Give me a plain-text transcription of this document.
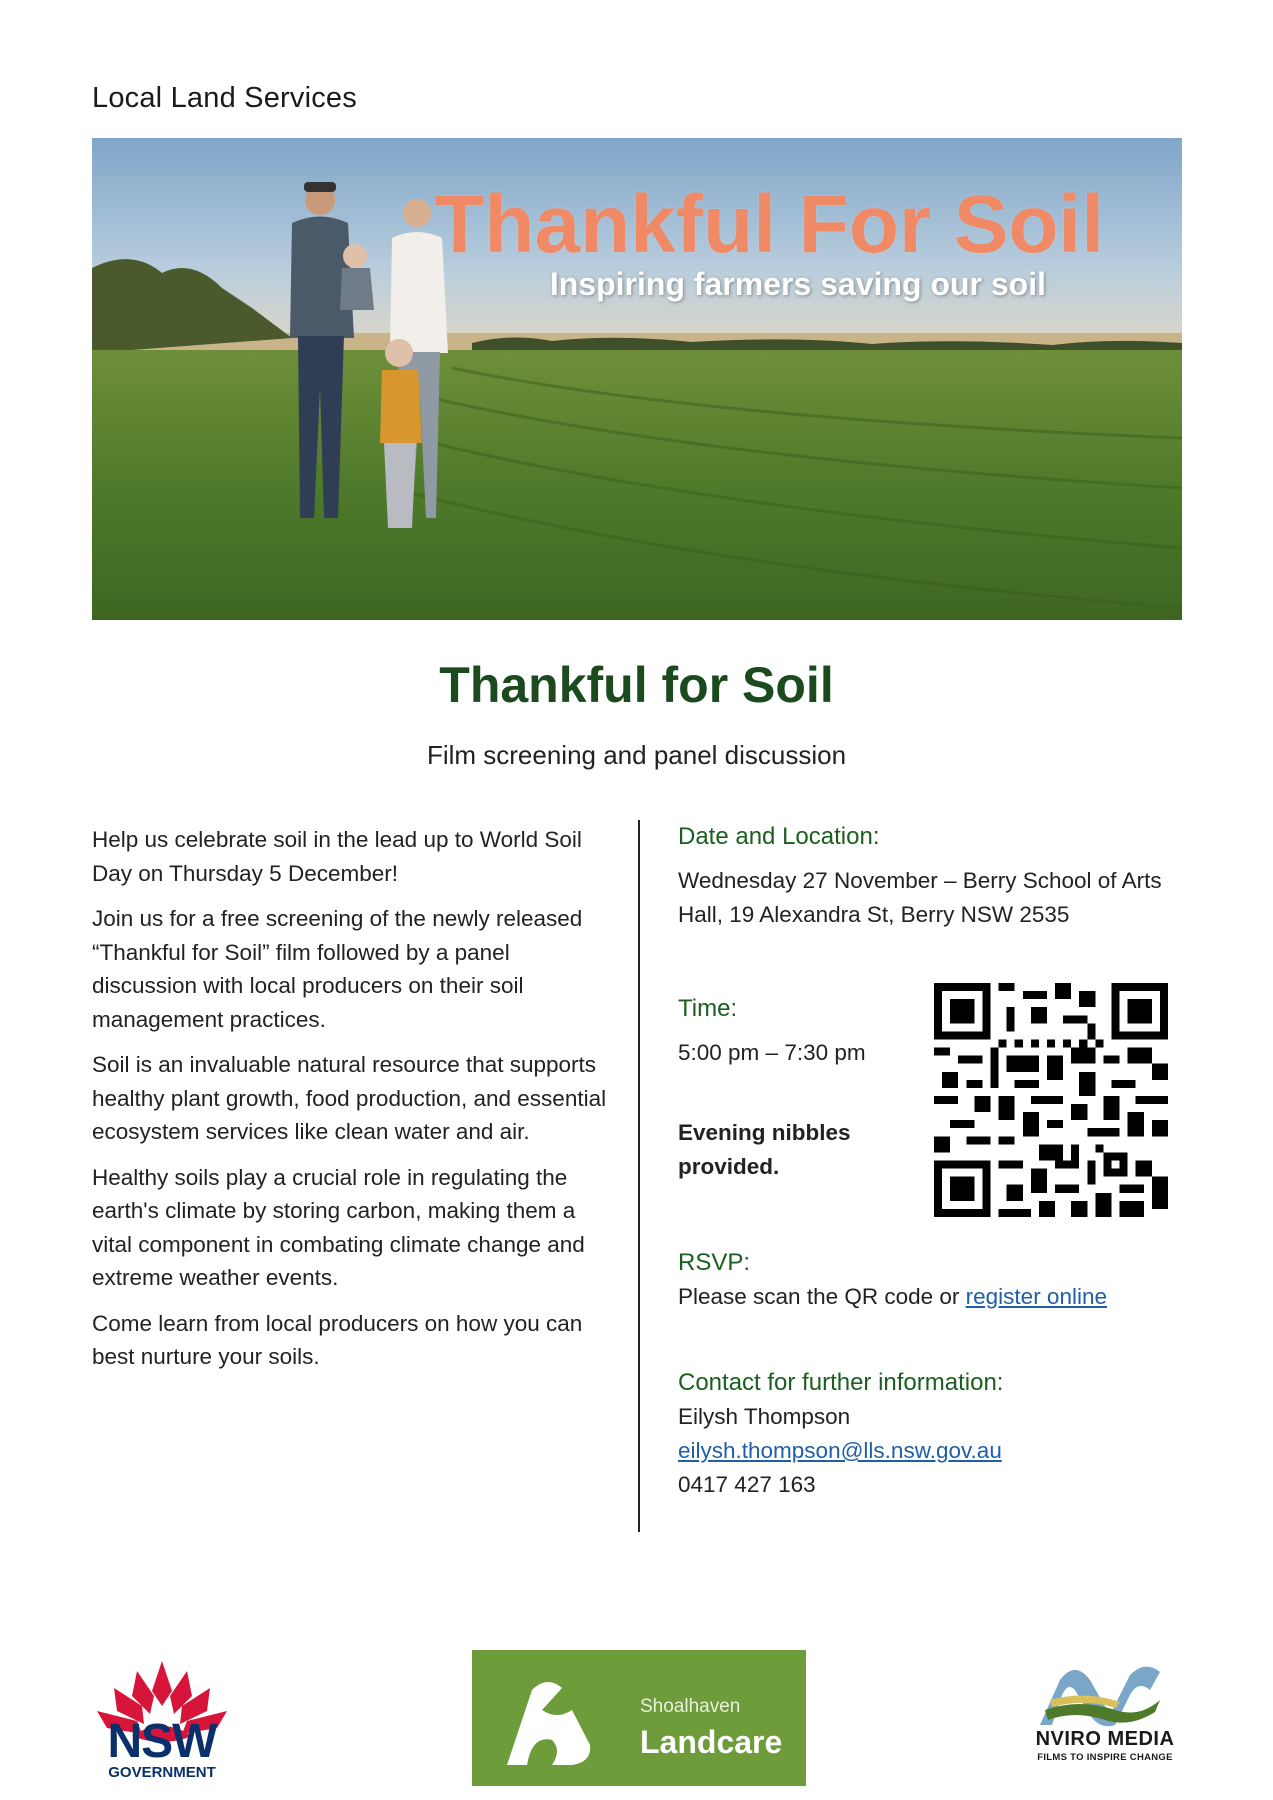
Local Land Services
Thankful For Soil
Inspiring farmers saving our soil
Thankful for Soil
Film screening and panel discussion

Help us celebrate soil in the lead up to World Soil Day on Thursday 5 December!

Join us for a free screening of the newly released “Thankful for Soil” film followed by a panel discussion with local producers on their soil management practices.

Soil is an invaluable natural resource that supports healthy plant growth, food production, and essential ecosystem services like clean water and air.

Healthy soils play a crucial role in regulating the earth's climate by storing carbon, making them a vital component in combating climate change and extreme weather events.

Come learn from local producers on how you can best nurture your soils.

Date and Location:
Wednesday 27 November – Berry School of Arts Hall, 19 Alexandra St, Berry NSW 2535
Time:
5:00 pm – 7:30 pm
Evening nibbles provided.
RSVP:
Please scan the QR code or register online
Contact for further information:
Eilysh Thompson
eilysh.thompson@lls.nsw.gov.au
0417 427 163
NSW
GOVERNMENT
Shoalhaven
Landcare	NVIRO MEDIA
FILMS TO INSPIRE CHANGE
